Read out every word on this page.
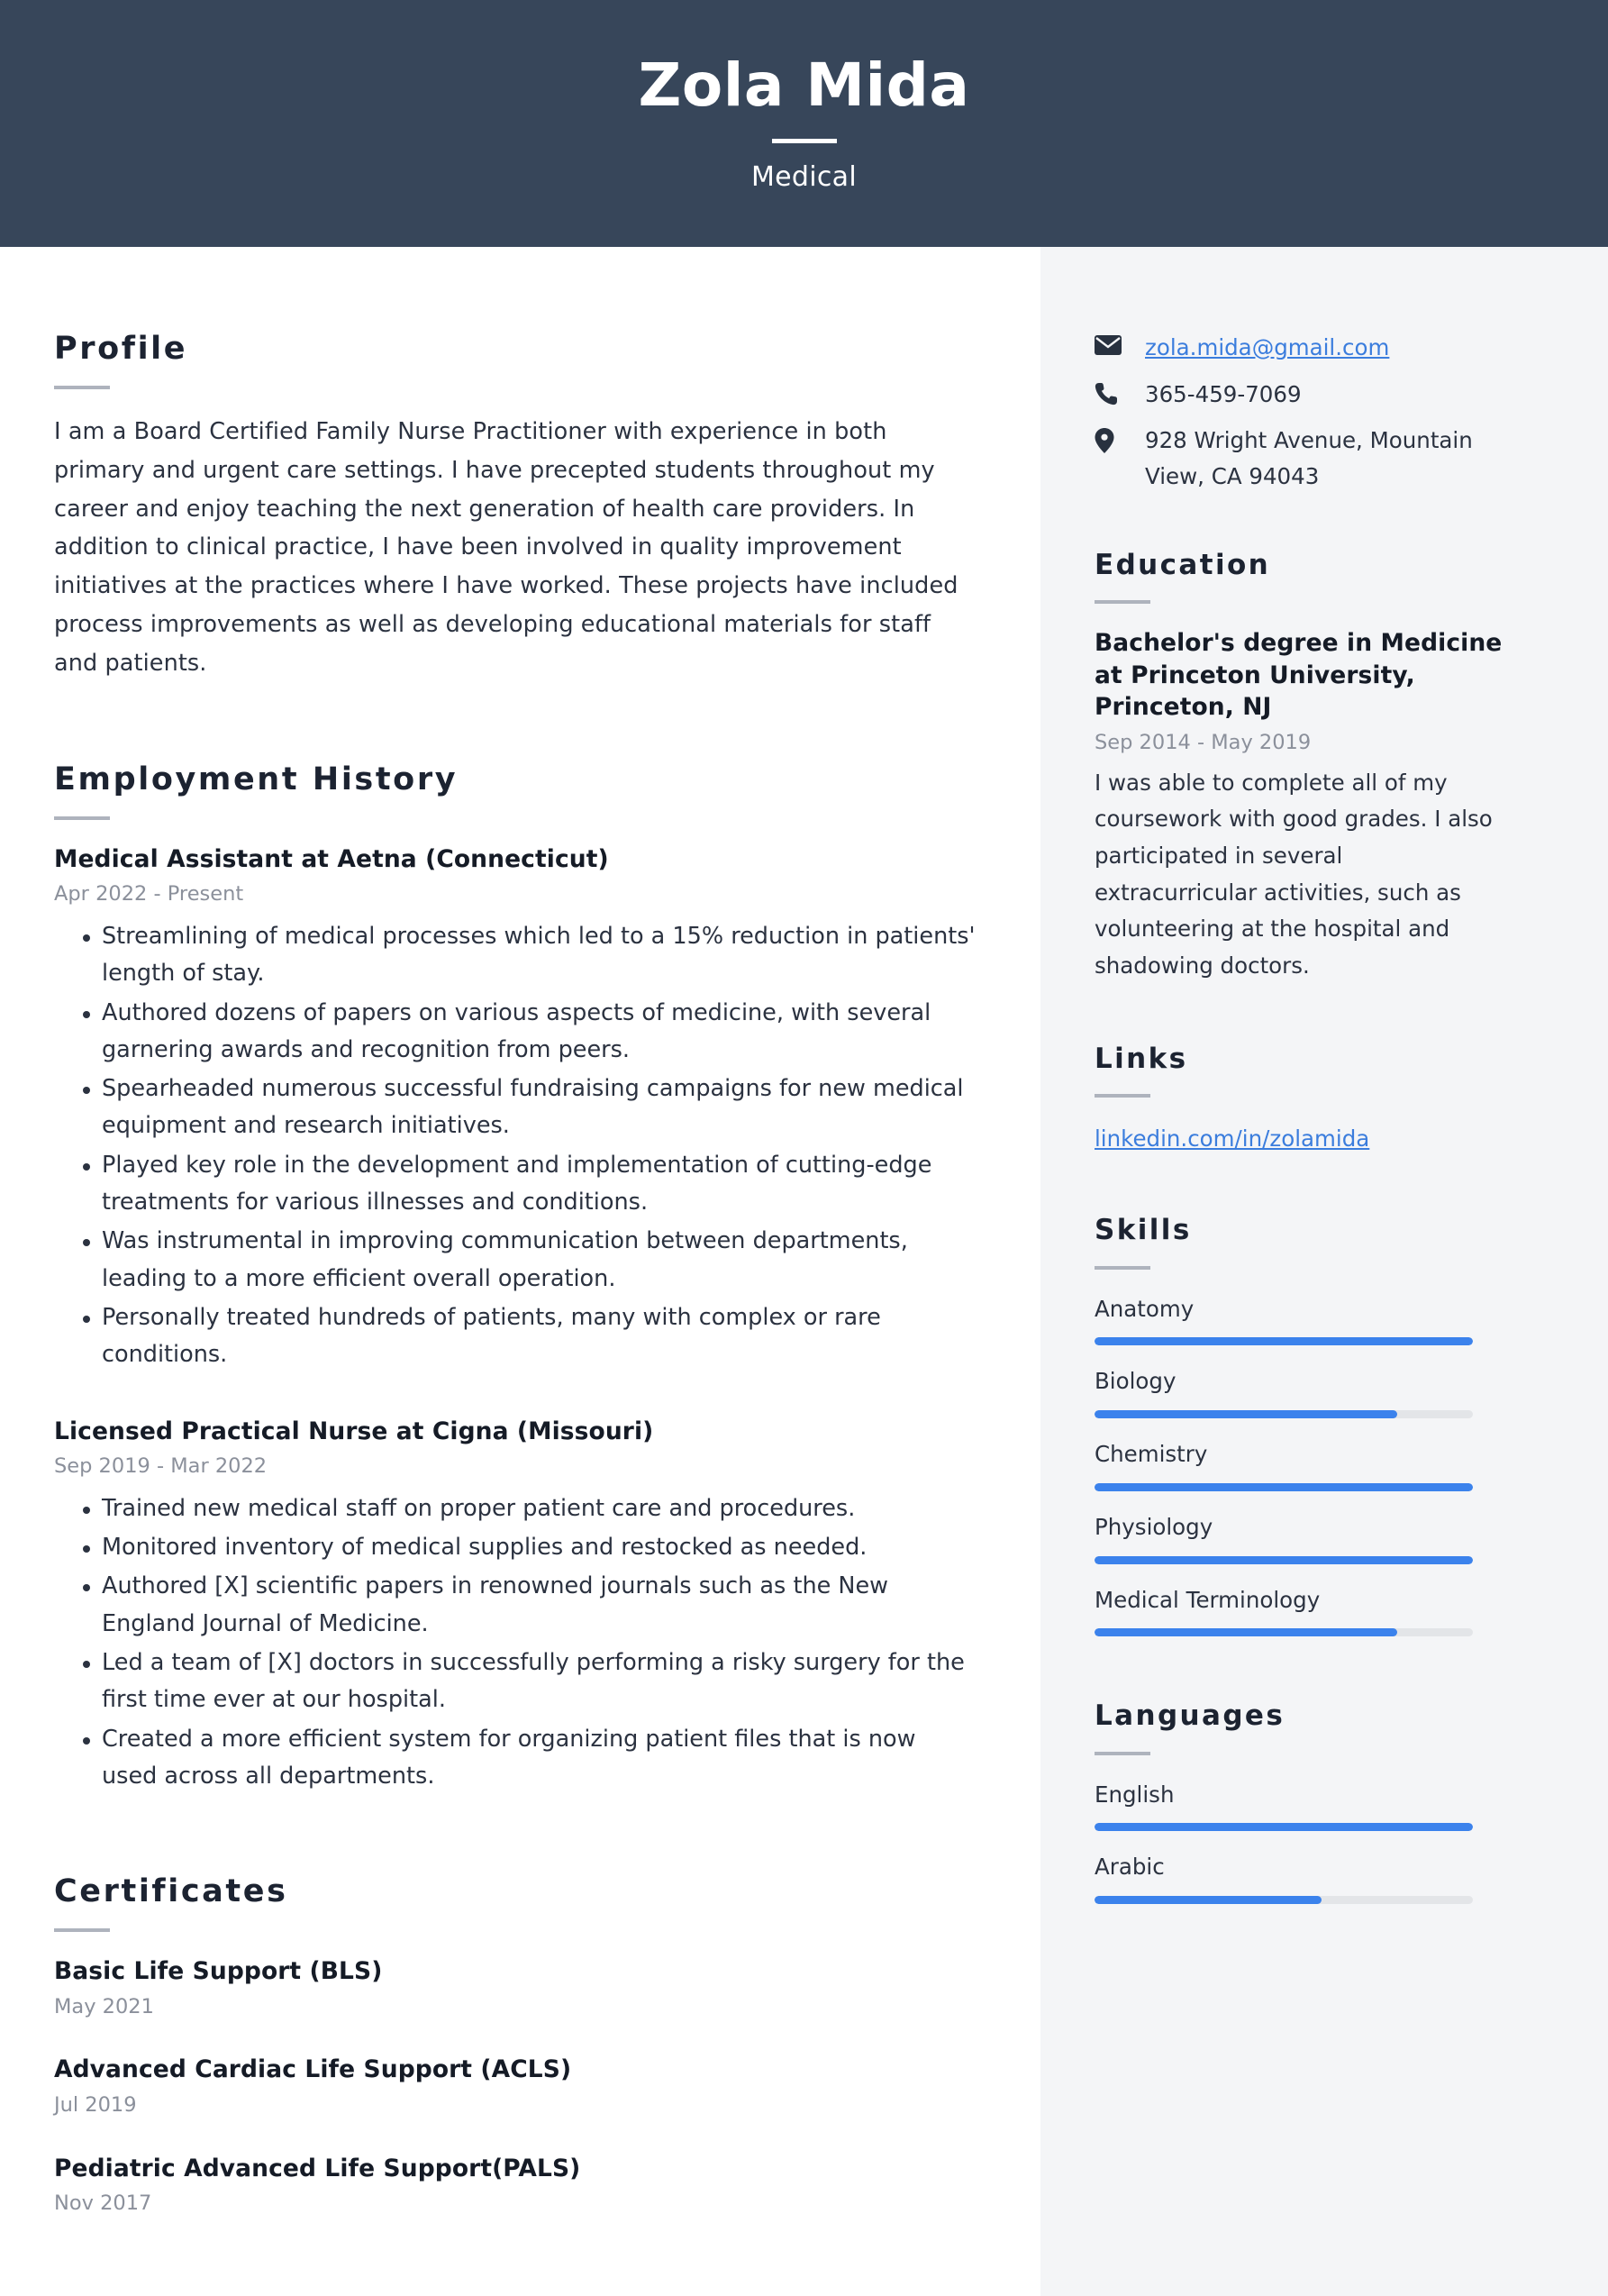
Zola Mida
Medical
Profile
I am a Board Certified Family Nurse Practitioner with experience in both primary and urgent care settings. I have precepted students throughout my career and enjoy teaching the next generation of health care providers. In addition to clinical practice, I have been involved in quality improvement initiatives at the practices where I have worked. These projects have included process improvements as well as developing educational materials for staff and patients.
Employment History
Medical Assistant at Aetna (Connecticut)
Apr 2022 - Present
Streamlining of medical processes which led to a 15% reduction in patients' length of stay.
Authored dozens of papers on various aspects of medicine, with several garnering awards and recognition from peers.
Spearheaded numerous successful fundraising campaigns for new medical equipment and research initiatives.
Played key role in the development and implementation of cutting-edge treatments for various illnesses and conditions.
Was instrumental in improving communication between departments, leading to a more efficient overall operation.
Personally treated hundreds of patients, many with complex or rare conditions.
Licensed Practical Nurse at Cigna (Missouri)
Sep 2019 - Mar 2022
Trained new medical staff on proper patient care and procedures.
Monitored inventory of medical supplies and restocked as needed.
Authored [X] scientific papers in renowned journals such as the New England Journal of Medicine.
Led a team of [X] doctors in successfully performing a risky surgery for the first time ever at our hospital.
Created a more efficient system for organizing patient files that is now used across all departments.
Certificates
Basic Life Support (BLS)
May 2021
Advanced Cardiac Life Support (ACLS)
Jul 2019
Pediatric Advanced Life Support(PALS)
Nov 2017
zola.mida@gmail.com
365-459-7069
928 Wright Avenue, Mountain View, CA 94043
Education
Bachelor's degree in Medicine at Princeton University, Princeton, NJ
Sep 2014 - May 2019
I was able to complete all of my coursework with good grades. I also participated in several extracurricular activities, such as volunteering at the hospital and shadowing doctors.
Links
linkedin.com/in/zolamida
Skills
Anatomy
Biology
Chemistry
Physiology
Medical Terminology
Languages
English
Arabic
